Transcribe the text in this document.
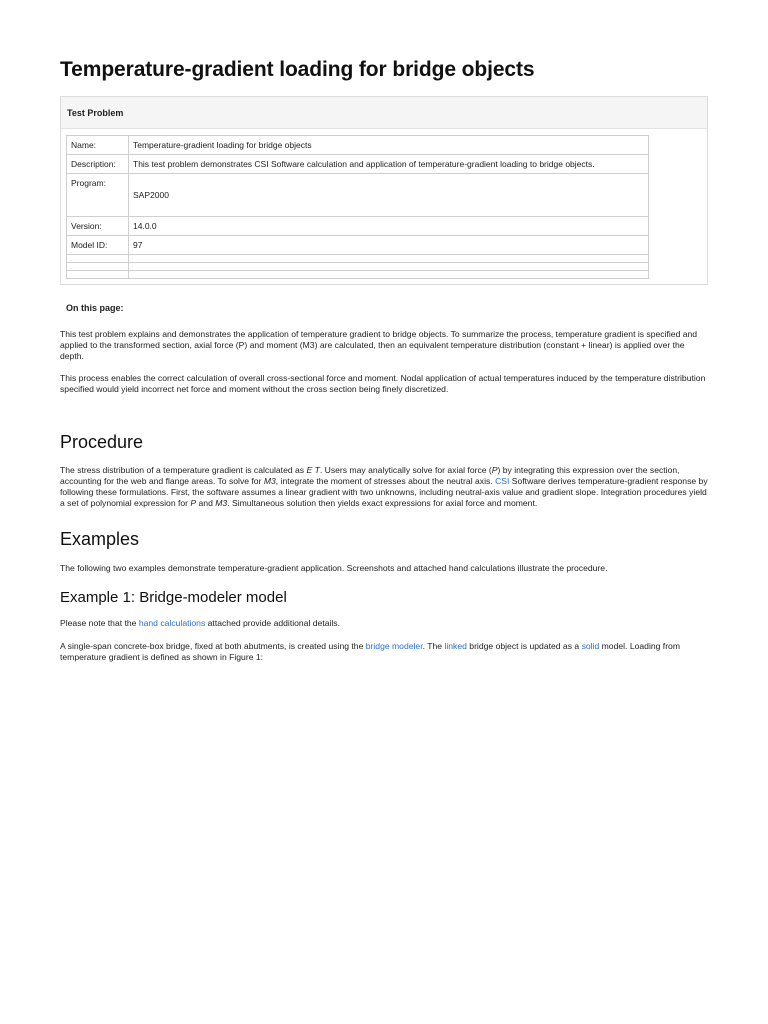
Temperature-gradient loading for bridge objects
Test Problem
Name:	Temperature-gradient loading for bridge objects
Description:	This test problem demonstrates CSI Software calculation and application of temperature-gradient loading to bridge objects.
Program:	SAP2000
Version:	14.0.0
Model ID:	97

On this page:

This test problem explains and demonstrates the application of temperature gradient to bridge objects. To summarize the process, temperature gradient is specified and applied to the transformed section, axial force (P) and moment (M3) are calculated, then an equivalent temperature distribution (constant + linear) is applied over the depth.

This process enables the correct calculation of overall cross-sectional force and moment. Nodal application of actual temperatures induced by the temperature distribution specified would yield incorrect net force and moment without the cross section being finely discretized.

Procedure

The stress distribution of a temperature gradient is calculated as E T. Users may analytically solve for axial force (P) by integrating this expression over the section, accounting for the web and flange areas. To solve for M3, integrate the moment of stresses about the neutral axis. CSI Software derives temperature-gradient response by following these formulations. First, the software assumes a linear gradient with two unknowns, including neutral-axis value and gradient slope. Integration procedures yield a set of polynomial expression for P and M3. Simultaneous solution then yields exact expressions for axial force and moment.

Examples

The following two examples demonstrate temperature-gradient application. Screenshots and attached hand calculations illustrate the procedure.

Example 1: Bridge-modeler model

Please note that the hand calculations attached provide additional details.

A single-span concrete-box bridge, fixed at both abutments, is created using the bridge modeler. The linked bridge object is updated as a solid model. Loading from temperature gradient is defined as shown in Figure 1:
